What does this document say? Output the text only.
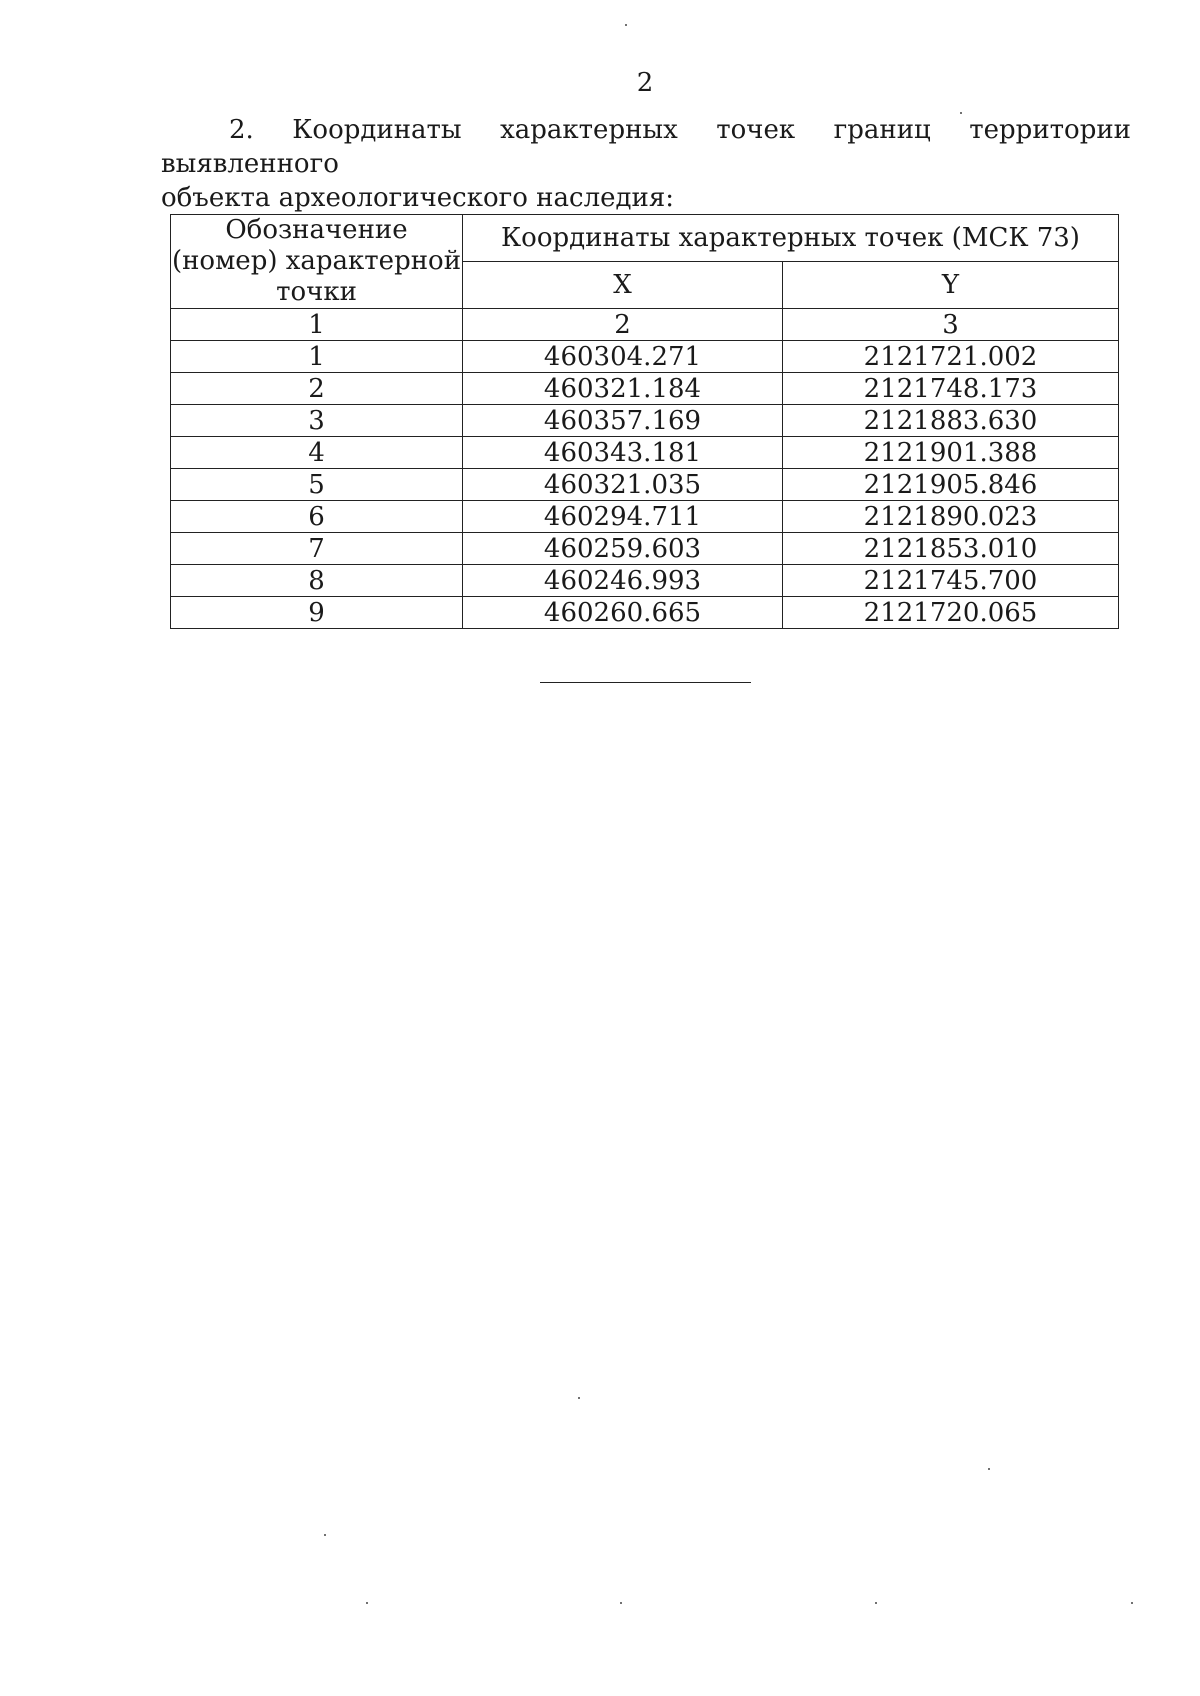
2
2. Координаты характерных точек границ территории выявленного
объекта археологического наследия:
Обозначение (номер) характерной точки	Координаты характерных точек (МСК 73)	
	X	Y
1	2	3
1	460304.271	2121721.002
2	460321.184	2121748.173
3	460357.169	2121883.630
4	460343.181	2121901.388
5	460321.035	2121905.846
6	460294.711	2121890.023
7	460259.603	2121853.010
8	460246.993	2121745.700
9	460260.665	2121720.065
